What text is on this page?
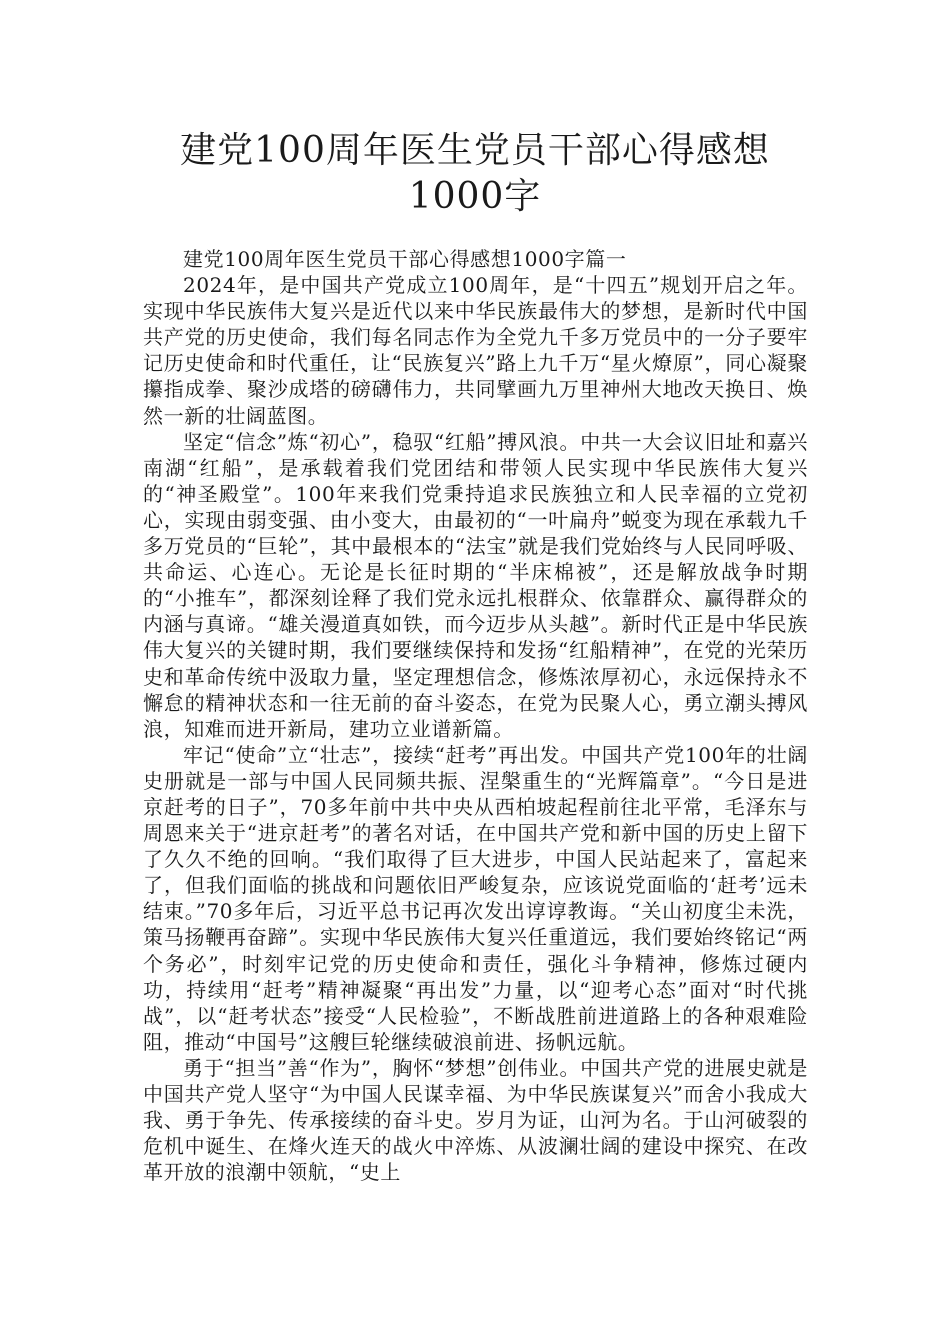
建党100周年医生党员干部心得感想1000字

建党100周年医生党员干部心得感想1000字篇一

2024年，是中国共产党成立100周年，是“十四五”规划开启之年。实现中华民族伟大复兴是近代以来中华民族最伟大的梦想，是新时代中国共产党的历史使命，我们每名同志作为全党九千多万党员中的一分子要牢记历史使命和时代重任，让“民族复兴”路上九千万“星火燎原”，同心凝聚攥指成拳、聚沙成塔的磅礴伟力，共同擘画九万里神州大地改天换日、焕然一新的壮阔蓝图。

坚定“信念”炼“初心”，稳驭“红船”搏风浪。中共一大会议旧址和嘉兴南湖“红船”，是承载着我们党团结和带领人民实现中华民族伟大复兴的“神圣殿堂”。100年来我们党秉持追求民族独立和人民幸福的立党初心，实现由弱变强、由小变大，由最初的“一叶扁舟”蜕变为现在承载九千多万党员的“巨轮”，其中最根本的“法宝”就是我们党始终与人民同呼吸、共命运、心连心。无论是长征时期的“半床棉被”，还是解放战争时期的“小推车”，都深刻诠释了我们党永远扎根群众、依靠群众、赢得群众的内涵与真谛。“雄关漫道真如铁，而今迈步从头越”。新时代正是中华民族伟大复兴的关键时期，我们要继续保持和发扬“红船精神”，在党的光荣历史和革命传统中汲取力量，坚定理想信念，修炼浓厚初心，永远保持永不懈怠的精神状态和一往无前的奋斗姿态，在党为民聚人心，勇立潮头搏风浪，知难而进开新局，建功立业谱新篇。

牢记“使命”立“壮志”，接续“赶考”再出发。中国共产党100年的壮阔史册就是一部与中国人民同频共振、涅槃重生的“光辉篇章”。“今日是进京赶考的日子”，70多年前中共中央从西柏坡起程前往北平常，毛泽东与周恩来关于“进京赶考”的著名对话，在中国共产党和新中国的历史上留下了久久不绝的回响。“我们取得了巨大进步，中国人民站起来了，富起来了，但我们面临的挑战和问题依旧严峻复杂，应该说党面临的‘赶考’远未结束。”70多年后，习近平总书记再次发出谆谆教诲。“关山初度尘未洗，策马扬鞭再奋蹄”。实现中华民族伟大复兴任重道远，我们要始终铭记“两个务必”，时刻牢记党的历史使命和责任，强化斗争精神，修炼过硬内功，持续用“赶考”精神凝聚“再出发”力量，以“迎考心态”面对“时代挑战”，以“赶考状态”接受“人民检验”，不断战胜前进道路上的各种艰难险阻，推动“中国号”这艘巨轮继续破浪前进、扬帆远航。

勇于“担当”善“作为”，胸怀“梦想”创伟业。中国共产党的进展史就是中国共产党人坚守“为中国人民谋幸福、为中华民族谋复兴”而舍小我成大我、勇于争先、传承接续的奋斗史。岁月为证，山河为名。于山河破裂的危机中诞生、在烽火连天的战火中淬炼、从波澜壮阔的建设中探究、在改革开放的浪潮中领航，“史上
